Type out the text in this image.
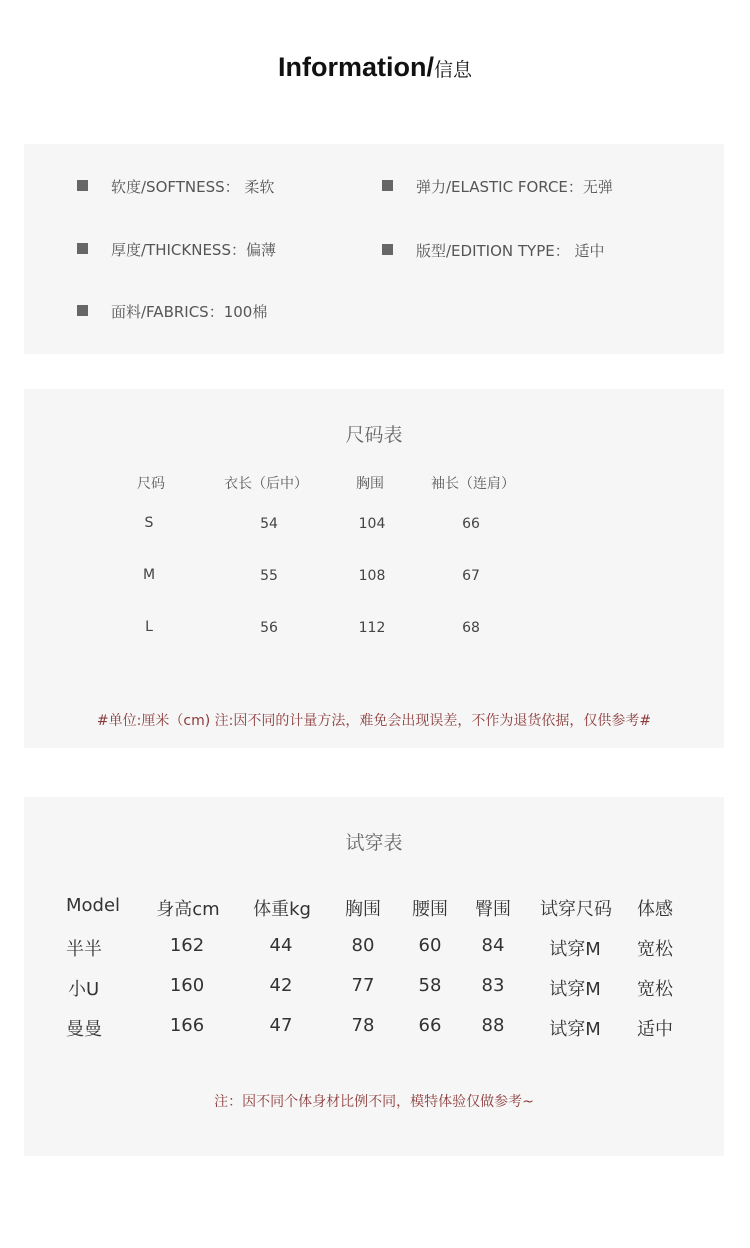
Information/信息
软度/SOFTNESS： 柔软	弹力/ELASTIC FORCE：无弹
厚度/THICKNESS：偏薄	版型/EDITION TYPE： 适中
面料/FABRICS：100棉
尺码表
尺码	衣长（后中）	胸围	袖长（连肩）
S	54	104	66
M	55	108	67
L	56	112	68
#单位:厘米（cm) 注:因不同的计量方法，难免会出现误差，不作为退货依据，仅供参考#
试穿表
Model 身高cm 体重kg 胸围 腰围 臀围 试穿尺码 体感
半半	162	44	80 60 84 试穿M 宽松
小U	160	42	77 58 83 试穿M 宽松
曼曼	166	47	78 66 88 试穿M 适中
注：因不同个体身材比例不同，模特体验仅做参考~
